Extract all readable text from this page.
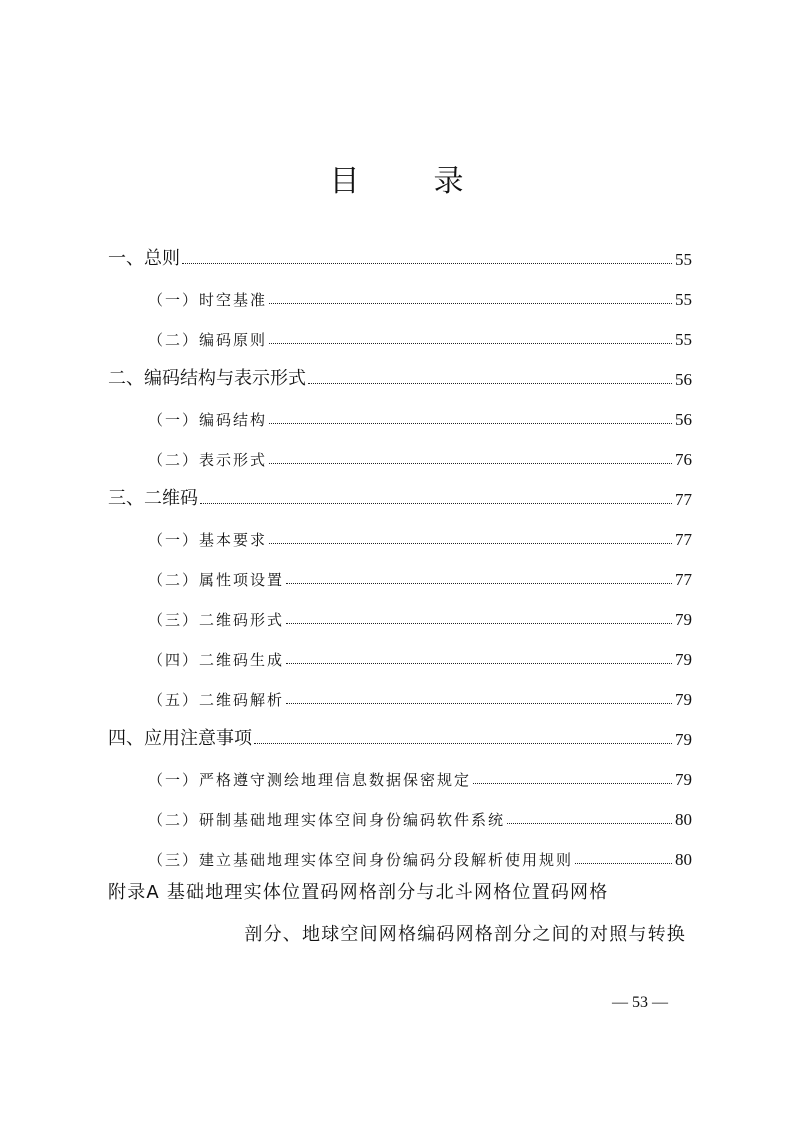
目　录
一、总则	55
（一）时空基准	55
（二）编码原则	55
二、编码结构与表示形式	56
（一）编码结构	56
（二）表示形式	76
三、二维码	77
（一）基本要求	77
（二）属性项设置	77
（三）二维码形式	79
（四）二维码生成	79
（五）二维码解析	79
四、应用注意事项	79
（一）严格遵守测绘地理信息数据保密规定	79
（二）研制基础地理实体空间身份编码软件系统	80
（三）建立基础地理实体空间身份编码分段解析使用规则	80
附录A 基础地理实体位置码网格剖分与北斗网格位置码网格
剖分、地球空间网格编码网格剖分之间的对照与转换
— 53 —
